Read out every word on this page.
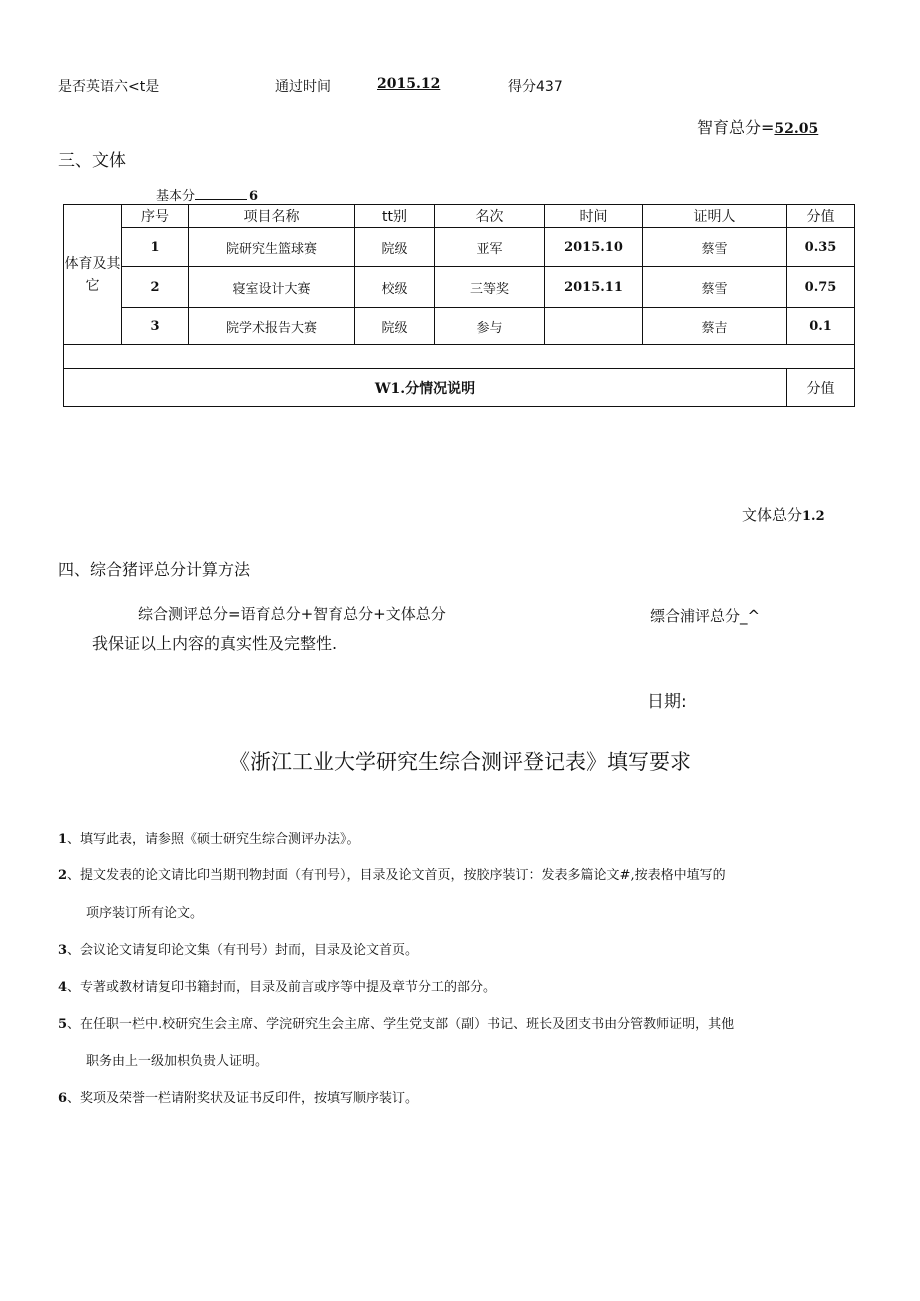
是否英语六<t是	通过时间	2015.12	得分437
智育总分=52.05
三、文体
基本分	6
体育及其它	序号	项目名称	tt别	名次	时间	证明人	分值
	1	院研究生篮球赛	院级	亚军	2015.10	蔡雪	0.35
	2	寝室设计大赛	校级	三等奖	2015.11	蔡雪	0.75
	3	院学术报告大赛	院级	参与		蔡吉	0.1

W1.分情况说明							分值
文体总分1.2
四、综合猪评总分计算方法
综合测评总分=语育总分+智育总分+文体总分	缥合浦评总分_^
我保证以上内容的真实性及完整性.
日期:
《浙江工业大学研究生综合测评登记表》填写要求
1、填写此表，请参照《硕士研究生综合测评办法》。
2、提文发表的论文请比印当期刊物封面（有刊号），目录及论文首页，按胶序装订：发表多篇论文#,按表格中埴写的
项序装订所有论文。
3、会议论文请复印论文集（有刊号）封而，目录及论文首页。
4、专著或教材请复印书籍封而，目录及前言或序等中提及章节分工的部分。
5、在任职一栏中.校研究生会主席、学浣研究生会主席、学生党支部（副）书记、班长及团支书由分管教师证明，其他
职务由上一级加枳负贵人证明。
6、奖项及荣誉一栏请附奖状及证书反印件，按填写顺序装订。
